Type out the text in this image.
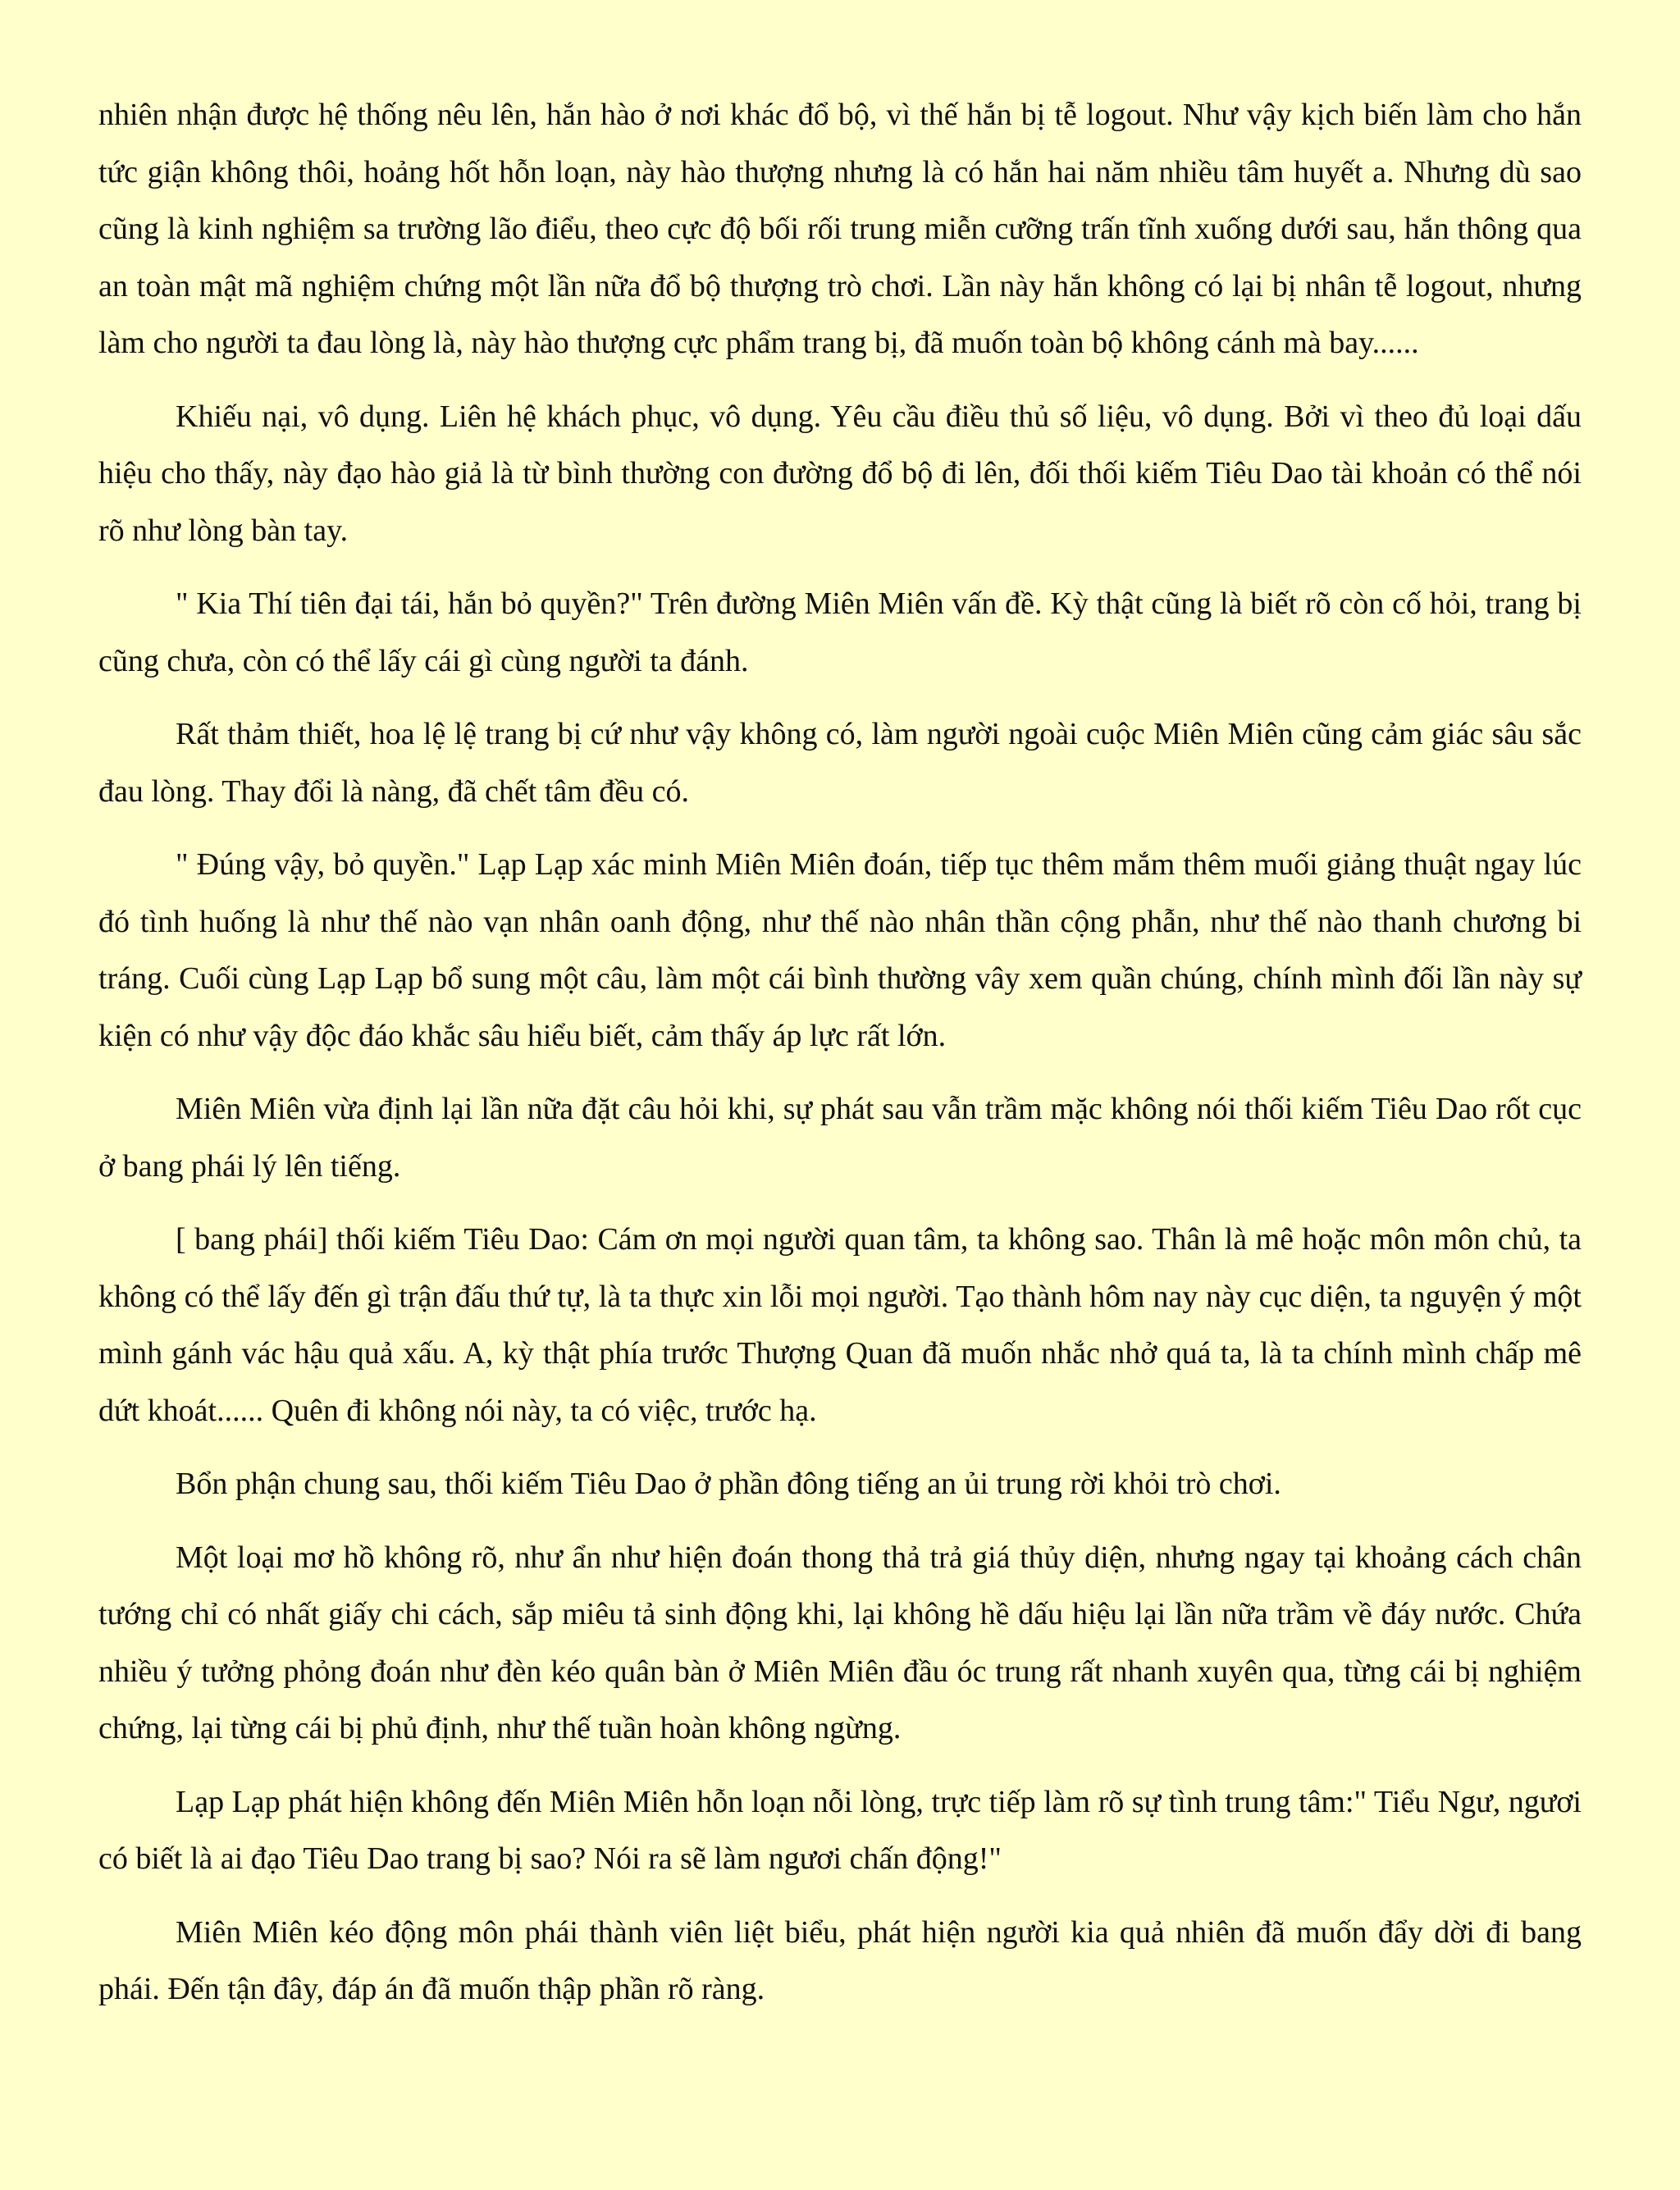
nhiên nhận được hệ thống nêu lên, hắn hào ở nơi khác đổ bộ, vì thế hắn bị tễ logout. Như vậy kịch biến làm cho hắn tức giận không thôi, hoảng hốt hỗn loạn, này hào thượng nhưng là có hắn hai năm nhiều tâm huyết a. Nhưng dù sao cũng là kinh nghiệm sa trường lão điểu, theo cực độ bối rối trung miễn cưỡng trấn tĩnh xuống dưới sau, hắn thông qua an toàn mật mã nghiệm chứng một lần nữa đổ bộ thượng trò chơi. Lần này hắn không có lại bị nhân tễ logout, nhưng làm cho người ta đau lòng là, này hào thượng cực phẩm trang bị, đã muốn toàn bộ không cánh mà bay......

Khiếu nại, vô dụng. Liên hệ khách phục, vô dụng. Yêu cầu điều thủ số liệu, vô dụng. Bởi vì theo đủ loại dấu hiệu cho thấy, này đạo hào giả là từ bình thường con đường đổ bộ đi lên, đối thối kiếm Tiêu Dao tài khoản có thể nói rõ như lòng bàn tay.

" Kia Thí tiên đại tái, hắn bỏ quyền?" Trên đường Miên Miên vấn đề. Kỳ thật cũng là biết rõ còn cố hỏi, trang bị cũng chưa, còn có thể lấy cái gì cùng người ta đánh.

Rất thảm thiết, hoa lệ lệ trang bị cứ như vậy không có, làm người ngoài cuộc Miên Miên cũng cảm giác sâu sắc đau lòng. Thay đổi là nàng, đã chết tâm đều có.

" Đúng vậy, bỏ quyền." Lạp Lạp xác minh Miên Miên đoán, tiếp tục thêm mắm thêm muối giảng thuật ngay lúc đó tình huống là như thế nào vạn nhân oanh động, như thế nào nhân thần cộng phẫn, như thế nào thanh chương bi tráng. Cuối cùng Lạp Lạp bổ sung một câu, làm một cái bình thường vây xem quần chúng, chính mình đối lần này sự kiện có như vậy độc đáo khắc sâu hiểu biết, cảm thấy áp lực rất lớn.

Miên Miên vừa định lại lần nữa đặt câu hỏi khi, sự phát sau vẫn trầm mặc không nói thối kiếm Tiêu Dao rốt cục ở bang phái lý lên tiếng.

[ bang phái] thối kiếm Tiêu Dao: Cám ơn mọi người quan tâm, ta không sao. Thân là mê hoặc môn môn chủ, ta không có thể lấy đến gì trận đấu thứ tự, là ta thực xin lỗi mọi người. Tạo thành hôm nay này cục diện, ta nguyện ý một mình gánh vác hậu quả xấu. A, kỳ thật phía trước Thượng Quan đã muốn nhắc nhở quá ta, là ta chính mình chấp mê dứt khoát...... Quên đi không nói này, ta có việc, trước hạ.

Bổn phận chung sau, thối kiếm Tiêu Dao ở phần đông tiếng an ủi trung rời khỏi trò chơi.

Một loại mơ hồ không rõ, như ẩn như hiện đoán thong thả trả giá thủy diện, nhưng ngay tại khoảng cách chân tướng chỉ có nhất giấy chi cách, sắp miêu tả sinh động khi, lại không hề dấu hiệu lại lần nữa trầm về đáy nước. Chứa nhiều ý tưởng phỏng đoán như đèn kéo quân bàn ở Miên Miên đầu óc trung rất nhanh xuyên qua, từng cái bị nghiệm chứng, lại từng cái bị phủ định, như thế tuần hoàn không ngừng.

Lạp Lạp phát hiện không đến Miên Miên hỗn loạn nỗi lòng, trực tiếp làm rõ sự tình trung tâm:" Tiểu Ngư, ngươi có biết là ai đạo Tiêu Dao trang bị sao? Nói ra sẽ làm ngươi chấn động!"

Miên Miên kéo động môn phái thành viên liệt biểu, phát hiện người kia quả nhiên đã muốn đẩy dời đi bang phái. Đến tận đây, đáp án đã muốn thập phần rõ ràng.
